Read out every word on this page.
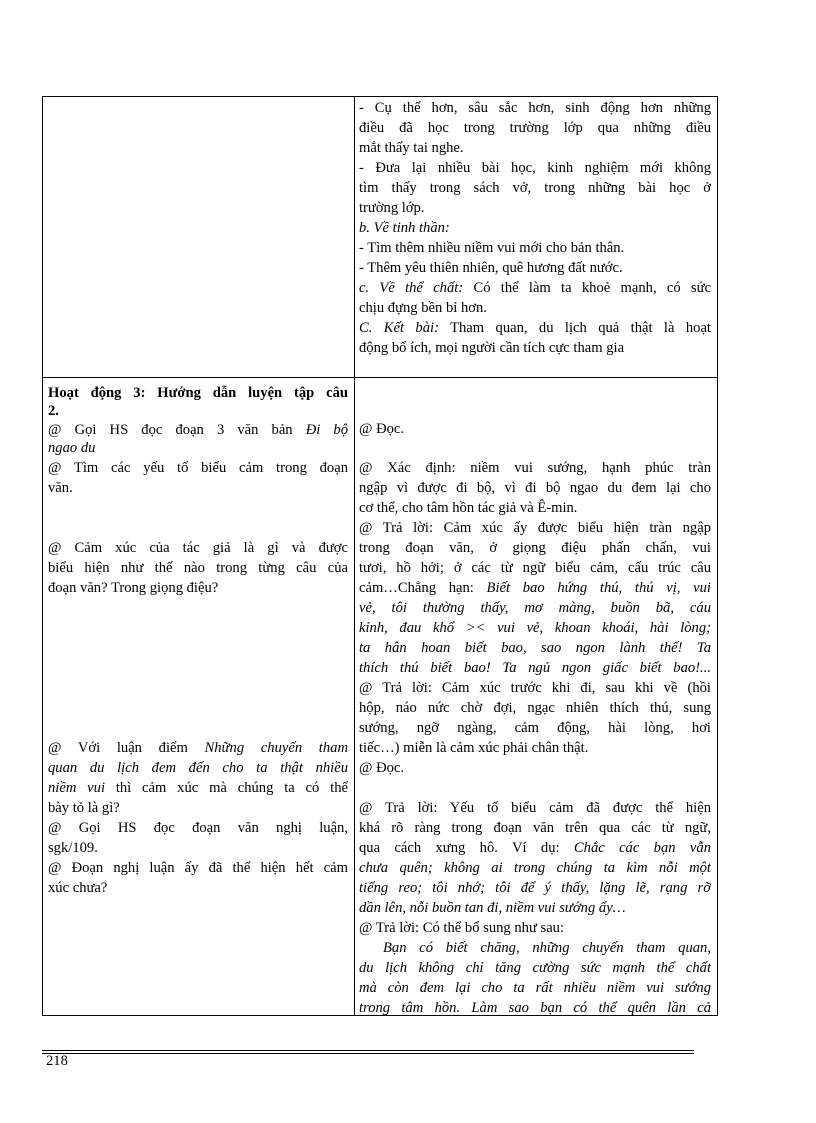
- Cụ thể hơn, sâu sắc hơn, sinh động hơn những
điều đã học trong trường lớp qua những điều
mắt thấy tai nghe.
- Đưa lại nhiều bài học, kinh nghiệm mới không
tìm thấy trong sách vở, trong những bài học ở
trường lớp.
b. Về tinh thần:
- Tìm thêm nhiều niềm vui mới cho bản thân.
- Thêm yêu thiên nhiên, quê hương đất nước.
c. Về thể chất: Có thể làm ta khoẻ mạnh, có sức
chịu đựng bền bỉ hơn.
C. Kết bài: Tham quan, du lịch quả thật là hoạt
động bổ ích, mọi người cần tích cực tham gia
Hoạt động 3: Hướng dẫn luyện tập câu
2.
@ Gọi HS đọc đoạn 3 văn bản Đi bộ
ngao du
@ Tìm các yếu tố biểu cảm trong đoạn
văn.
@ Cảm xúc của tác giả là gì và được
biểu hiện như thế nào trong từng câu của
đoạn văn? Trong giọng điệu?
@ Với luận điểm Những chuyến tham
quan du lịch đem đến cho ta thật nhiều
niềm vui thì cảm xúc mà chúng ta có thể
bày tỏ là gì?
@ Gọi HS đọc đoạn văn nghị luận,
sgk/109.
@ Đoạn nghị luận ấy đã thể hiện hết cảm
xúc chưa?
@ Đọc.
@ Xác định: niềm vui sướng, hạnh phúc tràn
ngập vì được đi bộ, vì đi bộ ngao du đem lại cho
cơ thể, cho tâm hồn tác giả và Ê-min.
@ Trả lời: Cảm xúc ấy được biểu hiện tràn ngập
trong đoạn văn, ở giọng điệu phấn chấn, vui
tươi, hồ hởi; ở các từ ngữ biểu cảm, cấu trúc câu
cảm…Chẳng hạn: Biết bao hứng thú, thú vị, vui
vẻ, tôi thường thấy, mơ màng, buồn bã, cáu
kỉnh, đau khổ >< vui vẻ, khoan khoái, hài lòng;
ta hân hoan biết bao, sao ngon lành thế! Ta
thích thú biết bao! Ta ngủ ngon giấc biết bao!...
@ Trả lời: Cảm xúc trước khi đi, sau khi về (hồi
hộp, náo nức chờ đợi, ngạc nhiên thích thú, sung
sướng, ngỡ ngàng, cảm động, hài lòng, hơi
tiếc…) miễn là cảm xúc phải chân thật.
@ Đọc.
@ Trả lời: Yếu tố biểu cảm đã được thể hiện
khá rõ ràng trong đoạn văn trên qua các từ ngữ,
qua cách xưng hô. Ví dụ: Chắc các bạn vẫn
chưa quên; không ai trong chúng ta kìm nỗi một
tiếng reo; tôi nhớ; tôi để ý thấy, lặng lẽ, rạng rỡ
dần lên, nỗi buồn tan đi, niềm vui sướng ấy…
@ Trả lời: Có thể bổ sung như sau:
Bạn có biết chăng, những chuyến tham quan,
du lịch không chỉ tăng cường sức mạnh thể chất
mà còn đem lại cho ta rất nhiều niềm vui sướng
trong tâm hồn. Làm sao bạn có thể quên lần cả
218
